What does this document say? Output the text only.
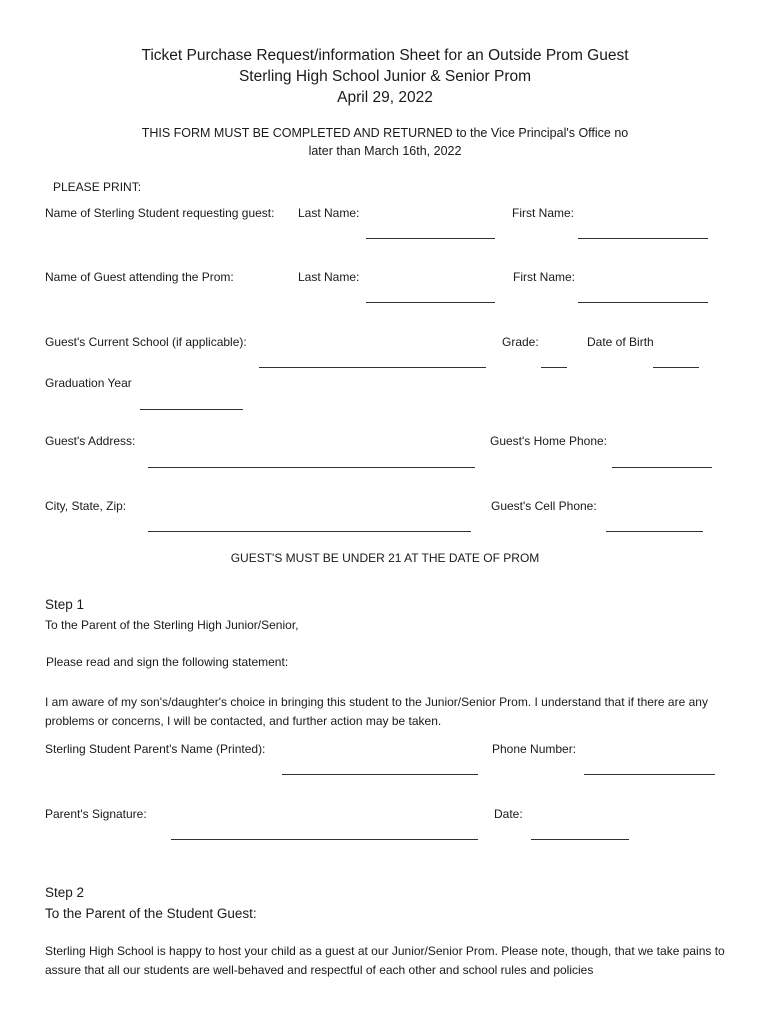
Ticket Purchase Request/information Sheet for an Outside Prom Guest
Sterling High School Junior & Senior Prom
April 29, 2022
THIS FORM MUST BE COMPLETED AND RETURNED to the Vice Principal's Office no
later than March 16th, 2022
PLEASE PRINT:
Name of Sterling Student requesting guest: Last Name:	First Name:
Name of Guest attending the Prom:	Last Name:	First Name:
Guest's Current School (if applicable):	Grade:	Date of Birth
Graduation Year
Guest's Address:	Guest's Home Phone:
City, State, Zip:	Guest's Cell Phone:
GUEST'S MUST BE UNDER 21 AT THE DATE OF PROM
Step 1
To the Parent of the Sterling High Junior/Senior,
Please read and sign the following statement:
I am aware of my son's/daughter's choice in bringing this student to the Junior/Senior Prom. I understand that if there are any problems or concerns, I will be contacted, and further action may be taken.
Sterling Student Parent's Name (Printed):	Phone Number:
Parent's Signature:	Date:
Step 2
To the Parent of the Student Guest:
Sterling High School is happy to host your child as a guest at our Junior/Senior Prom. Please note, though, that we take pains to assure that all our students are well-behaved and respectful of each other and school rules and policies
